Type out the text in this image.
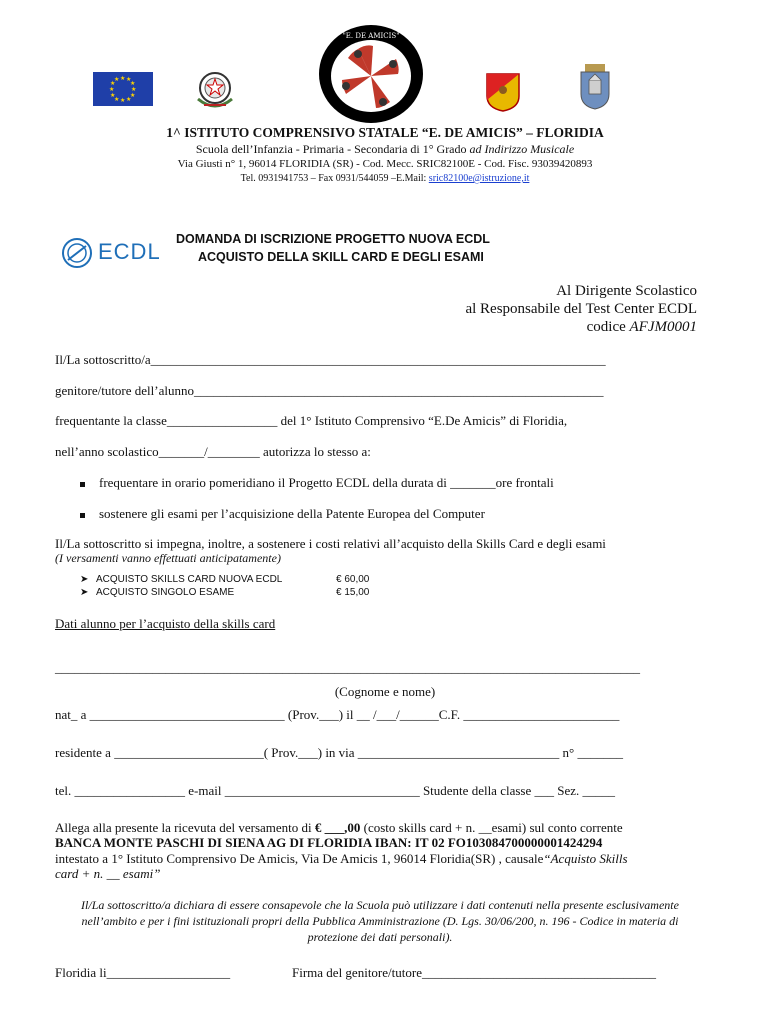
★ ★
★
★
★
★
★
★
★
★
★
★
"E. DE AMICIS"
1^ ISTITUTO COMPRENSIVO STATALE “E. DE AMICIS” – FLORIDIA
Scuola dell’Infanzia - Primaria - Secondaria di 1° Grado ad Indirizzo Musicale
Via Giusti n° 1, 96014 FLORIDIA (SR) - Cod. Mecc. SRIC82100E - Cod. Fisc. 93039420893
Tel. 0931941753 – Fax 0931/544059 –E.Mail: sric82100e@istruzione,it
ECDL DOMANDA DI ISCRIZIONE PROGETTO NUOVA ECDL
ACQUISTO DELLA SKILL CARD E DEGLI ESAMI
Al Dirigente Scolastico
al Responsabile del Test Center ECDL
codice AFJM0001
Il/La sottoscritto/a______________________________________________________________________
genitore/tutore dell’alunno_______________________________________________________________
frequentante la classe_________________ del 1° Istituto Comprensivo “E.De Amicis” di Floridia,
nell’anno scolastico_______/________ autorizza lo stesso a:
frequentare in orario pomeridiano il Progetto ECDL della durata di _______ore frontali
sostenere gli esami per l’acquisizione della Patente Europea del Computer
Il/La sottoscritto si impegna, inoltre, a sostenere i costi relativi all’acquisto della Skills Card e degli esami
(I versamenti vanno effettuati anticipatamente)
➤ ACQUISTO SKILLS CARD NUOVA ECDL	€ 60,00
➤ ACQUISTO SINGOLO ESAME	€ 15,00
Dati alunno per l’acquisto della skills card
__________________________________________________________________________________________
(Cognome e nome)
nat_ a ______________________________ (Prov.___) il __ /___/______C.F. ________________________
residente a _______________________( Prov.___) in via _______________________________ n° _______
tel. _________________ e-mail ______________________________ Studente della classe ___ Sez. _____
Allega alla presente la ricevuta del versamento di € ___,00 (costo skills card + n. __esami) sul conto corrente
BANCA MONTE PASCHI DI SIENA AG DI FLORIDIA IBAN: IT 02 FO103084700000001424294
intestato a 1° Istituto Comprensivo De Amicis, Via De Amicis 1, 96014 Floridia(SR) , causale“Acquisto Skills
card + n. __ esami”
Il/La sottoscritto/a dichiara di essere consapevole che la Scuola può utilizzare i dati contenuti nella presente esclusivamente nell’ambito e per i fini istituzionali propri della Pubblica Amministrazione (D. Lgs. 30/06/200, n. 196 - Codice in materia di protezione dei dati personali).
Floridia li___________________	Firma del genitore/tutore____________________________________
